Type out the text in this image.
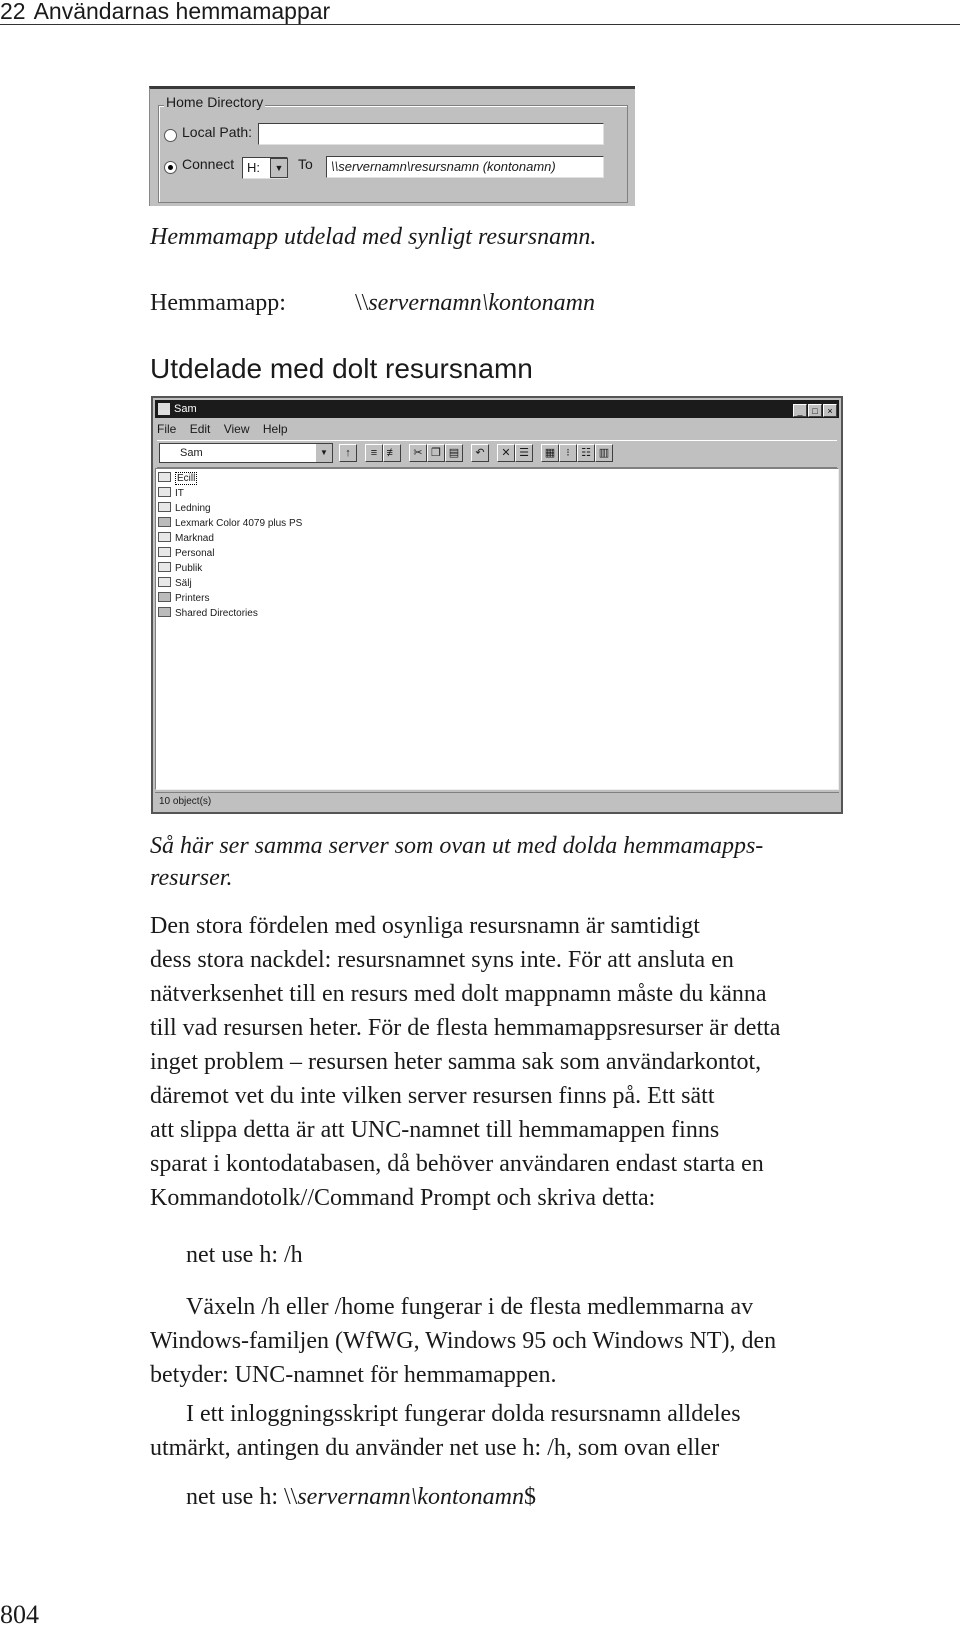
22 Användarnas hemmamappar
Home Directory
Local Path:
Connect H:	▼	To	\\servernamn\resursnamn (kontonamn)
Hemmamapp utdelad med synligt resursnamn.
Hemmamapp:	\\servernamn\kontonamn
Utdelade med dolt resursnamn
Sam	_ □ ×
File Edit View Help
Sam	▼	↑	≡ ≢	✂ ❐ ▤	↶	✕ ☰	▦	⁝	☷ ▥
Ecill
IT
Ledning
Lexmark Color 4079 plus PS
Marknad
Personal
Publik
Sälj
Printers
Shared Directories
10 object(s)
Så här ser samma server som ovan ut med dolda hemmamapps-
resurser.
Den stora fördelen med osynliga resursnamn är samtidigt
dess stora nackdel: resursnamnet syns inte. För att ansluta en
nätverksenhet till en resurs med dolt mappnamn måste du känna
till vad resursen heter. För de flesta hemmamappsresurser är detta
inget problem – resursen heter samma sak som användarkontot,
däremot vet du inte vilken server resursen finns på. Ett sätt
att slippa detta är att UNC-namnet till hemmamappen finns
sparat i kontodatabasen, då behöver användaren endast starta en
Kommandotolk//Command Prompt och skriva detta:
net use h: /h
Växeln /h eller /home fungerar i de flesta medlemmarna av
Windows-familjen (WfWG, Windows 95 och Windows NT), den
betyder: UNC-namnet för hemmamappen.
I ett inloggningsskript fungerar dolda resursnamn alldeles
utmärkt, antingen du använder net use h: /h, som ovan eller
net use h: \\servernamn\kontonamn$
804
